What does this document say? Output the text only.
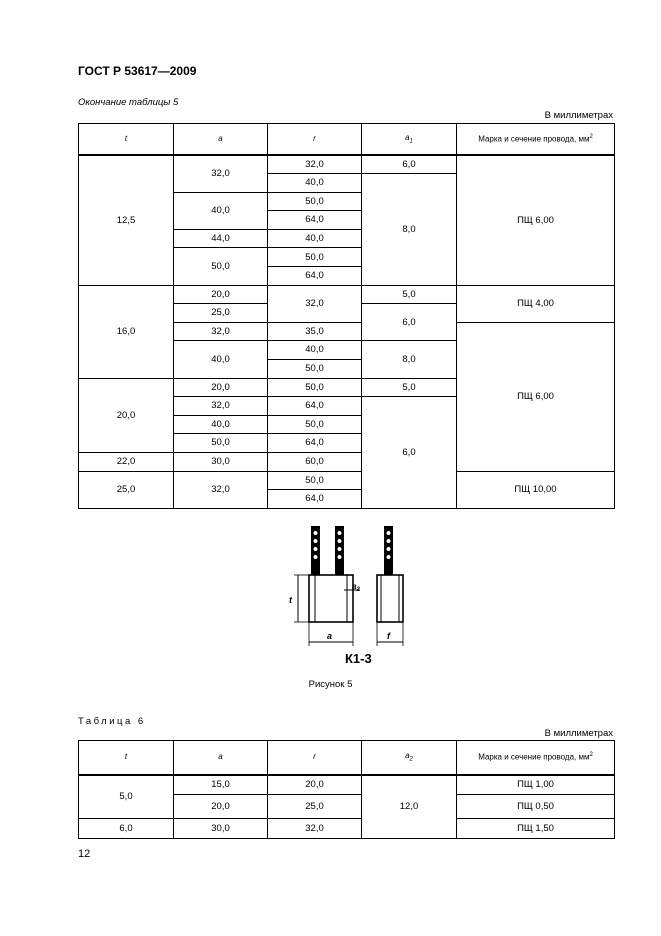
ГОСТ Р 53617—2009
Окончание таблицы 5
В миллиметрах
t	a	r	$a_1$	Марка и сечение провода, $мм^2$
12,5	32,0	32,0	6,0	ПЩ 6,00
		40,0	8,0	
	40,0	50,0		
		64,0		
	44,0	40,0		
	50,0	50,0		
		64,0		
16,0	20,0	32,0	5,0	ПЩ 4,00
	25,0		6,0	
	32,0	35,0		ПЩ 6,00
	40,0	40,0	8,0	
		50,0		
20,0	20,0	50,0	5,0	
	32,0	64,0	6,0	
	40,0	50,0		
	50,0	64,0		
22,0	30,0	60,0		
25,0	32,0	50,0		ПЩ 10,00
		64,0		
t
a
$a_2$
f
К1-3
Рисунок 5
Таблица 6
В миллиметрах
t	a	r	$a_2$	Марка и сечение провода, $мм^2$
5,0	15,0	20,0	12,0	ПЩ 1,00
	20,0	25,0		ПЩ 0,50
6,0	30,0	32,0		ПЩ 1,50
12
